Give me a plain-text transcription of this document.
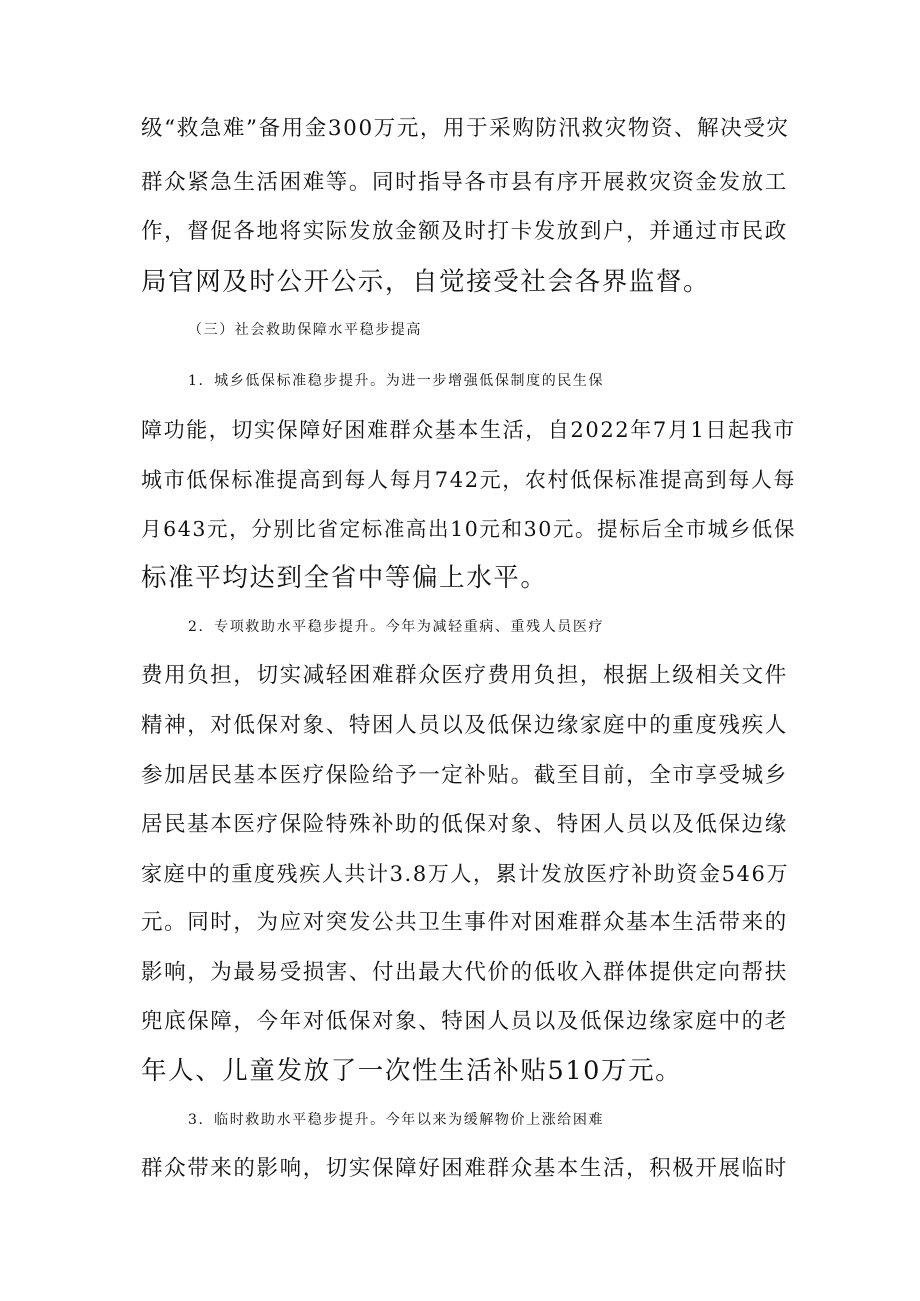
级“救急难”备用金300万元，用于采购防汛救灾物资、解决受灾
群众紧急生活困难等。同时指导各市县有序开展救灾资金发放工
作，督促各地将实际发放金额及时打卡发放到户，并通过市民政
局官网及时公开公示，自觉接受社会各界监督。
（三）社会救助保障水平稳步提高
1．城乡低保标准稳步提升。为进一步增强低保制度的民生保
障功能，切实保障好困难群众基本生活，自2022年7月1日起我市
城市低保标准提高到每人每月742元，农村低保标准提高到每人每
月643元，分别比省定标准高出10元和30元。提标后全市城乡低保
标准平均达到全省中等偏上水平。
2．专项救助水平稳步提升。今年为减轻重病、重残人员医疗
费用负担，切实减轻困难群众医疗费用负担，根据上级相关文件
精神，对低保对象、特困人员以及低保边缘家庭中的重度残疾人
参加居民基本医疗保险给予一定补贴。截至目前，全市享受城乡
居民基本医疗保险特殊补助的低保对象、特困人员以及低保边缘
家庭中的重度残疾人共计3.8万人，累计发放医疗补助资金546万
元。同时，为应对突发公共卫生事件对困难群众基本生活带来的
影响，为最易受损害、付出最大代价的低收入群体提供定向帮扶
兜底保障，今年对低保对象、特困人员以及低保边缘家庭中的老
年人、儿童发放了一次性生活补贴510万元。
3．临时救助水平稳步提升。今年以来为缓解物价上涨给困难
群众带来的影响，切实保障好困难群众基本生活，积极开展临时
